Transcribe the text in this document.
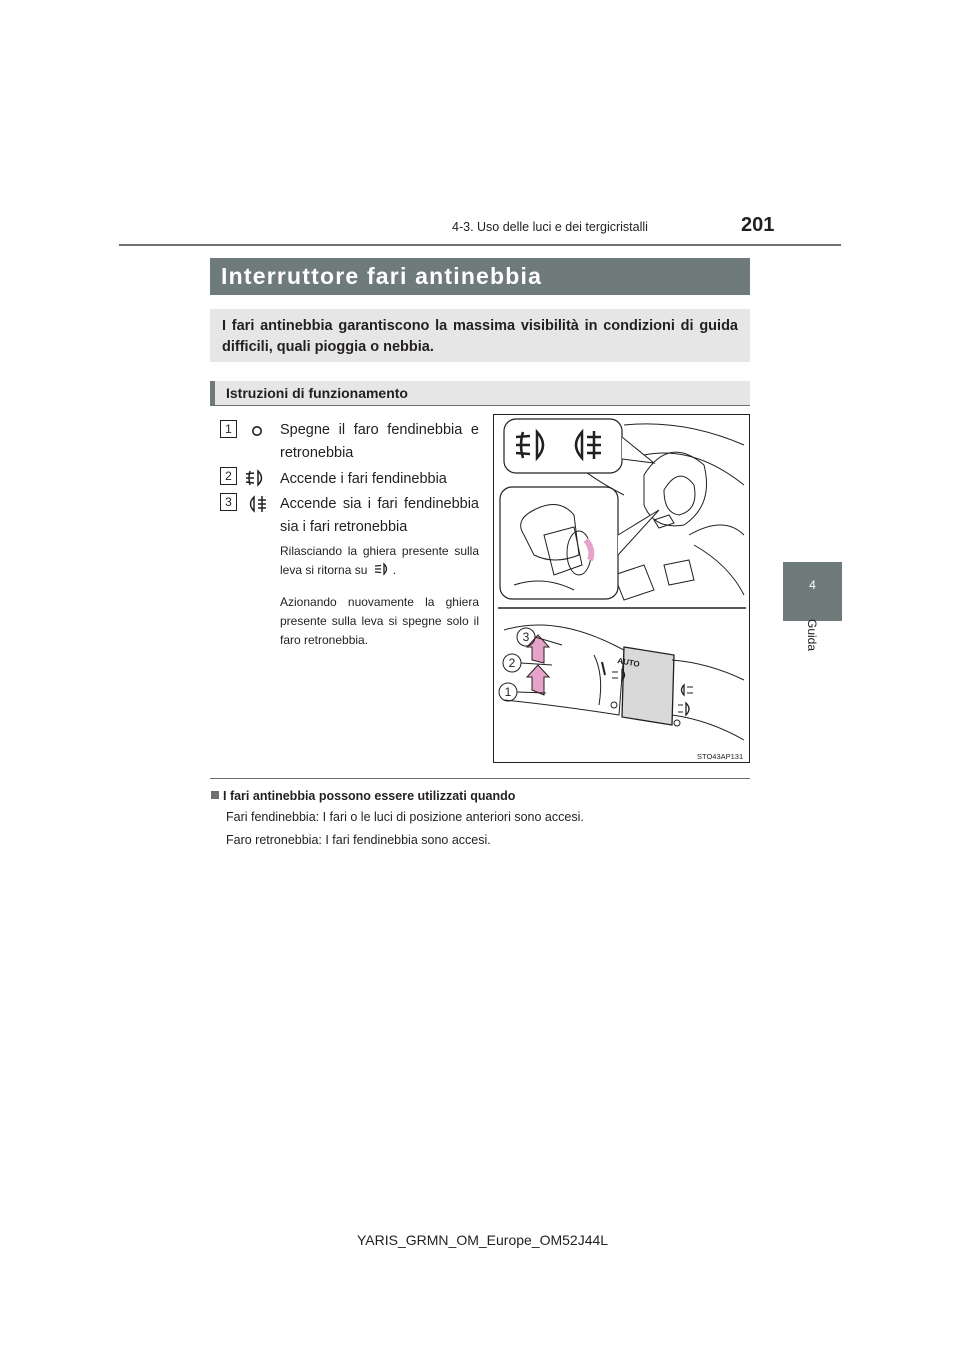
4-3. Uso delle luci e dei tergicristalli	201
4
Guida
Interruttore fari antinebbia
I fari antinebbia garantiscono la massima visibilità in condizioni di guida difficili, quali pioggia o nebbia.
Istruzioni di funzionamento
1	Spegne il faro fendinebbia e retronebbia
2	Accende i fari fendinebbia
3	Accende sia i fari fendinebbia sia i fari retronebbia
Rilasciando la ghiera presente sulla leva si ritorna su .
Azionando nuovamente la ghiera presente sulla leva si spegne solo il faro retronebbia.	3
2
1
AUTO
STO43AP131
I fari antinebbia possono essere utilizzati quando
Fari fendinebbia: I fari o le luci di posizione anteriori sono accesi.
Faro retronebbia: I fari fendinebbia sono accesi.
YARIS_GRMN_OM_Europe_OM52J44L
